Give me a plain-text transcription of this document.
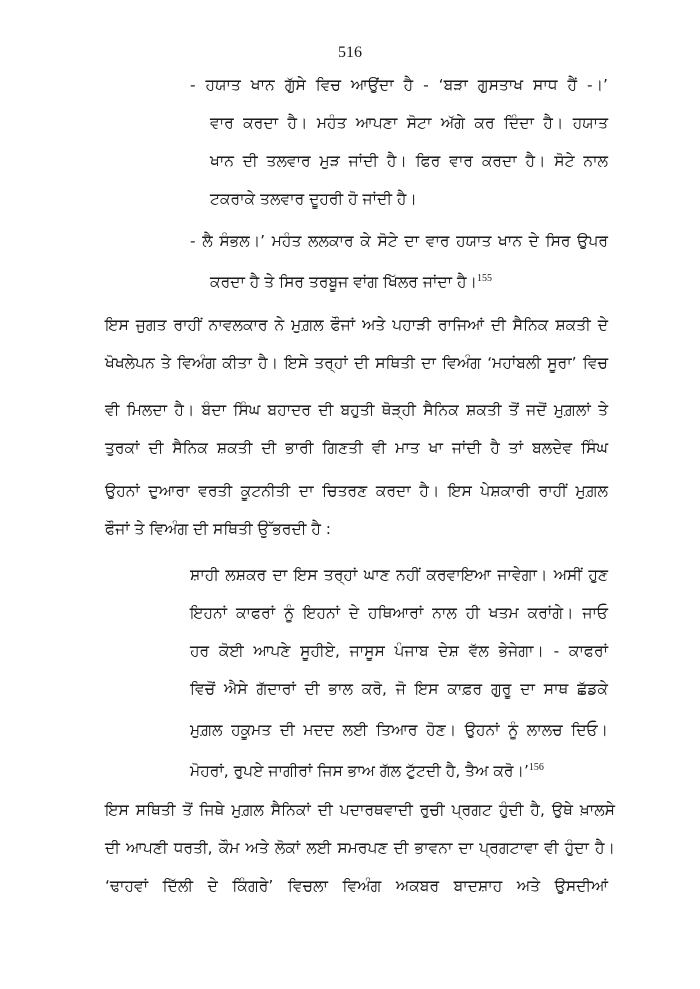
516
- ਹਯਾਤ ਖਾਨ ਗੁੱਸੇ ਵਿਚ ਆਉਂਦਾ ਹੈ - ‘ਬੜਾ ਗੁਸਤਾਖ ਸਾਧ ਹੈਂ -।’
ਵਾਰ ਕਰਦਾ ਹੈ। ਮਹੰਤ ਆਪਣਾ ਸੋਟਾ ਅੱਗੇ ਕਰ ਦਿੰਦਾ ਹੈ। ਹਯਾਤ
ਖਾਨ ਦੀ ਤਲਵਾਰ ਮੁੜ ਜਾਂਦੀ ਹੈ। ਫਿਰ ਵਾਰ ਕਰਦਾ ਹੈ। ਸੋਟੇ ਨਾਲ
ਟਕਰਾਕੇ ਤਲਵਾਰ ਦੂਹਰੀ ਹੋ ਜਾਂਦੀ ਹੈ।
- ਲੈ ਸੰਭਲ।’ ਮਹੰਤ ਲਲਕਾਰ ਕੇ ਸੋਟੇ ਦਾ ਵਾਰ ਹਯਾਤ ਖਾਨ ਦੇ ਸਿਰ ਉਪਰ
ਕਰਦਾ ਹੈ ਤੇ ਸਿਰ ਤਰਬੂਜ ਵਾਂਗ ਖਿੱਲਰ ਜਾਂਦਾ ਹੈ।$^{155}$
ਇਸ ਜੁਗਤ ਰਾਹੀਂ ਨਾਵਲਕਾਰ ਨੇ ਮੁਗ਼ਲ ਫੌਜਾਂ ਅਤੇ ਪਹਾੜੀ ਰਾਜਿਆਂ ਦੀ ਸੈਨਿਕ ਸ਼ਕਤੀ ਦੇ
ਖੋਖਲੇਪਨ ਤੇ ਵਿਅੰਗ ਕੀਤਾ ਹੈ। ਇਸੇ ਤਰ੍ਹਾਂ ਦੀ ਸਥਿਤੀ ਦਾ ਵਿਅੰਗ ‘ਮਹਾਂਬਲੀ ਸੂਰਾ’ ਵਿਚ
ਵੀ ਮਿਲਦਾ ਹੈ। ਬੰਦਾ ਸਿੰਘ ਬਹਾਦਰ ਦੀ ਬਹੁਤੀ ਥੋੜ੍ਹੀ ਸੈਨਿਕ ਸ਼ਕਤੀ ਤੋਂ ਜਦੋਂ ਮੁਗ਼ਲਾਂ ਤੇ
ਤੁਰਕਾਂ ਦੀ ਸੈਨਿਕ ਸ਼ਕਤੀ ਦੀ ਭਾਰੀ ਗਿਣਤੀ ਵੀ ਮਾਤ ਖਾ ਜਾਂਦੀ ਹੈ ਤਾਂ ਬਲਦੇਵ ਸਿੰਘ
ਉਹਨਾਂ ਦੁਆਰਾ ਵਰਤੀ ਕੂਟਨੀਤੀ ਦਾ ਚਿਤਰਣ ਕਰਦਾ ਹੈ। ਇਸ ਪੇਸ਼ਕਾਰੀ ਰਾਹੀਂ ਮੁਗ਼ਲ
ਫੌਜਾਂ ਤੇ ਵਿਅੰਗ ਦੀ ਸਥਿਤੀ ਉੱਭਰਦੀ ਹੈ :
ਸ਼ਾਹੀ ਲਸ਼ਕਰ ਦਾ ਇਸ ਤਰ੍ਹਾਂ ਘਾਣ ਨਹੀਂ ਕਰਵਾਇਆ ਜਾਵੇਗਾ। ਅਸੀਂ ਹੁਣ
ਇਹਨਾਂ ਕਾਫਰਾਂ ਨੂੰ ਇਹਨਾਂ ਦੇ ਹਥਿਆਰਾਂ ਨਾਲ ਹੀ ਖਤਮ ਕਰਾਂਗੇ। ਜਾਓ
ਹਰ ਕੋਈ ਆਪਣੇ ਸੂਹੀਏ, ਜਾਸੂਸ ਪੰਜਾਬ ਦੇਸ਼ ਵੱਲ ਭੇਜੇਗਾ। - ਕਾਫਰਾਂ
ਵਿਚੋਂ ਐਸੇ ਗੱਦਾਰਾਂ ਦੀ ਭਾਲ ਕਰੋ, ਜੋ ਇਸ ਕਾਫ਼ਰ ਗੁਰੂ ਦਾ ਸਾਥ ਛੱਡਕੇ
ਮੁਗ਼ਲ ਹਕੂਮਤ ਦੀ ਮਦਦ ਲਈ ਤਿਆਰ ਹੋਣ। ਉਹਨਾਂ ਨੂੰ ਲਾਲਚ ਦਿਓ।
ਮੋਹਰਾਂ, ਰੁਪਏ ਜਾਗੀਰਾਂ ਜਿਸ ਭਾਅ ਗੱਲ ਟੁੱਟਦੀ ਹੈ, ਤੈਅ ਕਰੋ।’$^{156}$
ਇਸ ਸਥਿਤੀ ਤੋਂ ਜਿਥੇ ਮੁਗ਼ਲ ਸੈਨਿਕਾਂ ਦੀ ਪਦਾਰਥਵਾਦੀ ਰੁਚੀ ਪ੍ਰਗਟ ਹੁੰਦੀ ਹੈ, ਉਥੇ ਖ਼ਾਲਸੇ
ਦੀ ਆਪਣੀ ਧਰਤੀ, ਕੌਮ ਅਤੇ ਲੋਕਾਂ ਲਈ ਸਮਰਪਣ ਦੀ ਭਾਵਨਾ ਦਾ ਪ੍ਰਗਟਾਵਾ ਵੀ ਹੁੰਦਾ ਹੈ।
‘ਢਾਹਵਾਂ ਦਿੱਲੀ ਦੇ ਕਿੰਗਰੇ’ ਵਿਚਲਾ ਵਿਅੰਗ ਅਕਬਰ ਬਾਦਸ਼ਾਹ ਅਤੇ ਉਸਦੀਆਂ
